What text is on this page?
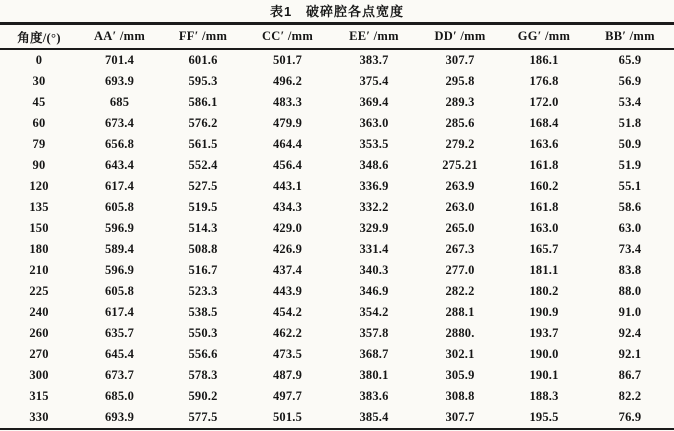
表1   破碎腔各点宽度
角度/(°)	AA′ /mm	FF′ /mm	CC′ /mm	EE′ /mm	DD′ /mm	GG′ /mm	BB′ /mm
0	701.4	601.6	501.7	383.7	307.7	186.1	65.9
30	693.9	595.3	496.2	375.4	295.8	176.8	56.9
45	685	586.1	483.3	369.4	289.3	172.0	53.4
60	673.4	576.2	479.9	363.0	285.6	168.4	51.8
79	656.8	561.5	464.4	353.5	279.2	163.6	50.9
90	643.4	552.4	456.4	348.6	275.21	161.8	51.9
120	617.4	527.5	443.1	336.9	263.9	160.2	55.1
135	605.8	519.5	434.3	332.2	263.0	161.8	58.6
150	596.9	514.3	429.0	329.9	265.0	163.0	63.0
180	589.4	508.8	426.9	331.4	267.3	165.7	73.4
210	596.9	516.7	437.4	340.3	277.0	181.1	83.8
225	605.8	523.3	443.9	346.9	282.2	180.2	88.0
240	617.4	538.5	454.2	354.2	288.1	190.9	91.0
260	635.7	550.3	462.2	357.8	2880.	193.7	92.4
270	645.4	556.6	473.5	368.7	302.1	190.0	92.1
300	673.7	578.3	487.9	380.1	305.9	190.1	86.7
315	685.0	590.2	497.7	383.6	308.8	188.3	82.2
330	693.9	577.5	501.5	385.4	307.7	195.5	76.9
